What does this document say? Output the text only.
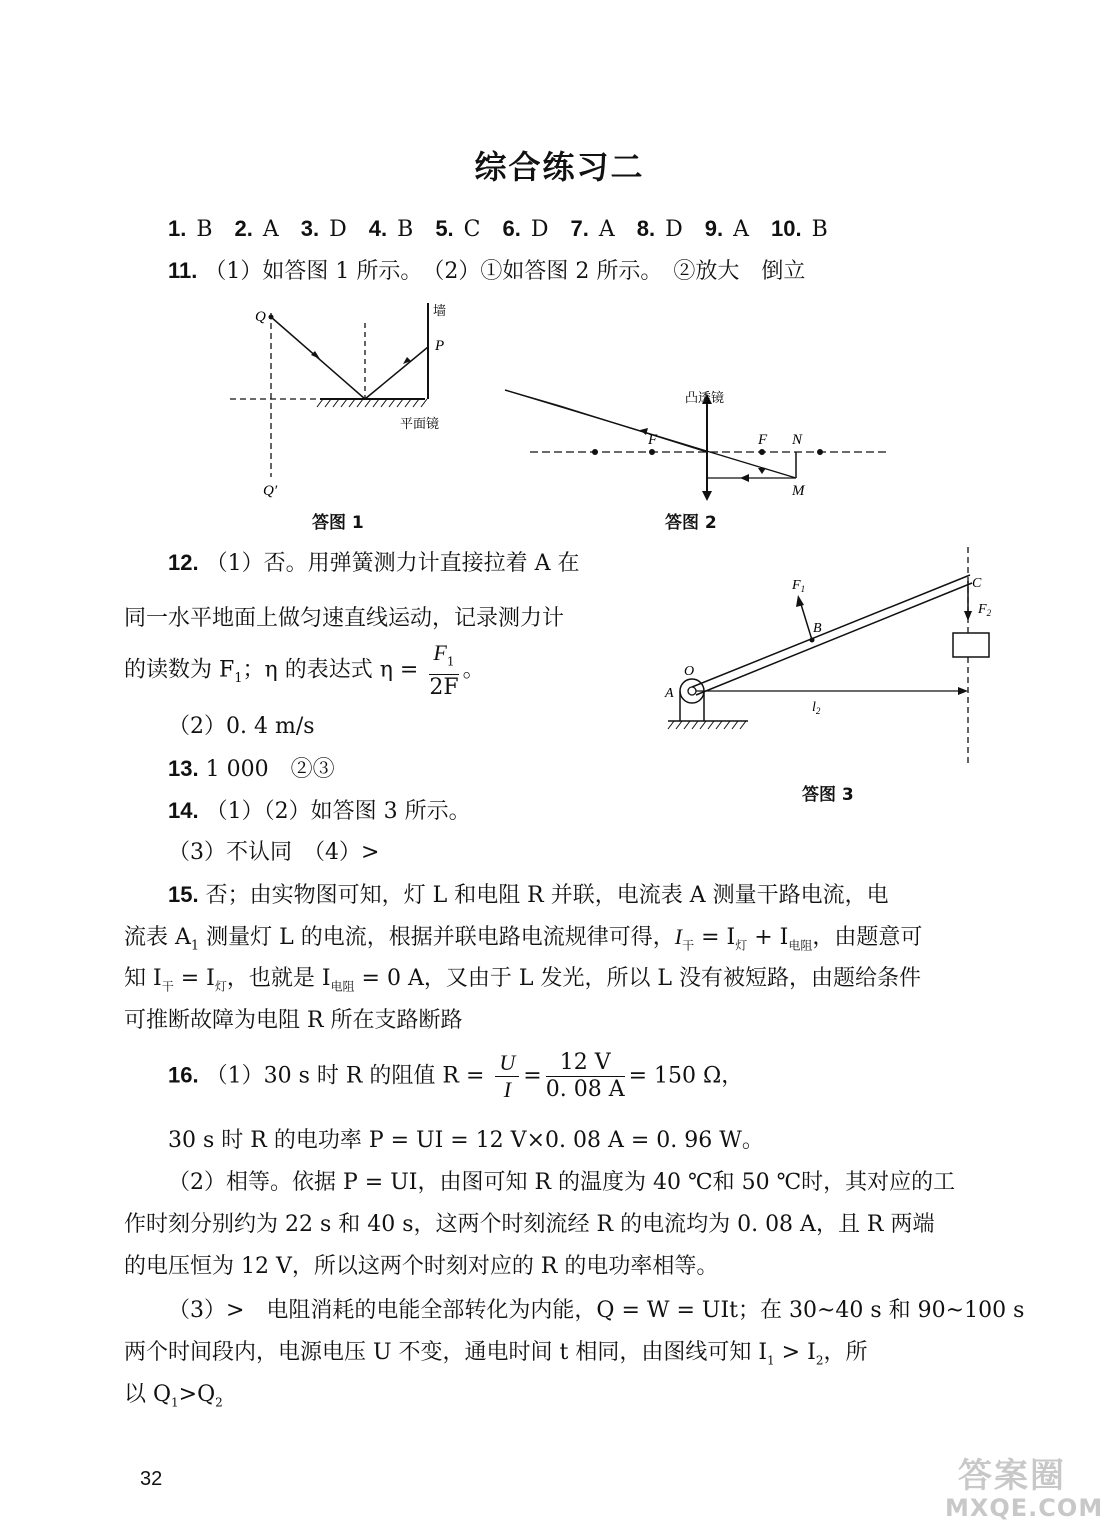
综合练习二
1. B 2. A 3. D 4. B 5. C 6. D 7. A 8. D 9. A 10. B
11. （1）如答图 1 所示。　（2）①如答图 2 所示。　②放大　倒立
Q
Q′
P
墙
平面镜
答图 1
凸透镜
F	F N
M
答图 2
12. （1）否。用弹簧测力计直接拉着 A 在
同一水平地面上做匀速直线运动，记录测力计
的读数为 $F_1$；η 的表达式 $\eta = \frac{F_1}{2F}$ 。
（2）0. 4 m/s
13. 1 000　②③
14. （1）（2）如答图 3 所示。
（3）不认同　（4）>
$F_1$
$F_2$
B
C
O
A
$l_2$
答图 3
15. 否；由实物图可知，灯 L 和电阻 R 并联，电流表 A 测量干路电流，电
流表 $A_1$ 测量灯 L 的电流，根据并联电路电流规律可得，$I_干 = I_灯 + I_{电阻}$，由题意可
知 $I_干 = I_灯$，也就是 $I_{电阻} = 0$ A，又由于 L 发光，所以 L 没有被短路，由题给条件
可推断故障为电阻 R 所在支路断路
16. （1）30 s 时 R 的阻值 $R = \frac{U}{I} = \frac{12 V}{0. 08 A} = 150$ Ω，
30 s 时 R 的电功率 P = UI = 12 V×0. 08 A = 0. 96 W。
（2）相等。依据 P = UI，由图可知 R 的温度为 40 ℃和 50 ℃时，其对应的工
作时刻分别约为 22 s 和 40 s，这两个时刻流经 R 的电流均为 0. 08 A，且 R 两端
的电压恒为 12 V，所以这两个时刻对应的 R 的电功率相等。
（3）>　电阻消耗的电能全部转化为内能，Q = W = UIt；在 30~40 s 和 90~100 s
两个时间段内，电源电压 U 不变，通电时间 t 相同，由图线可知 $I_1 > I_2$，所
以 $Q_1>Q_2$
32	答案圈
MXQE.COM
